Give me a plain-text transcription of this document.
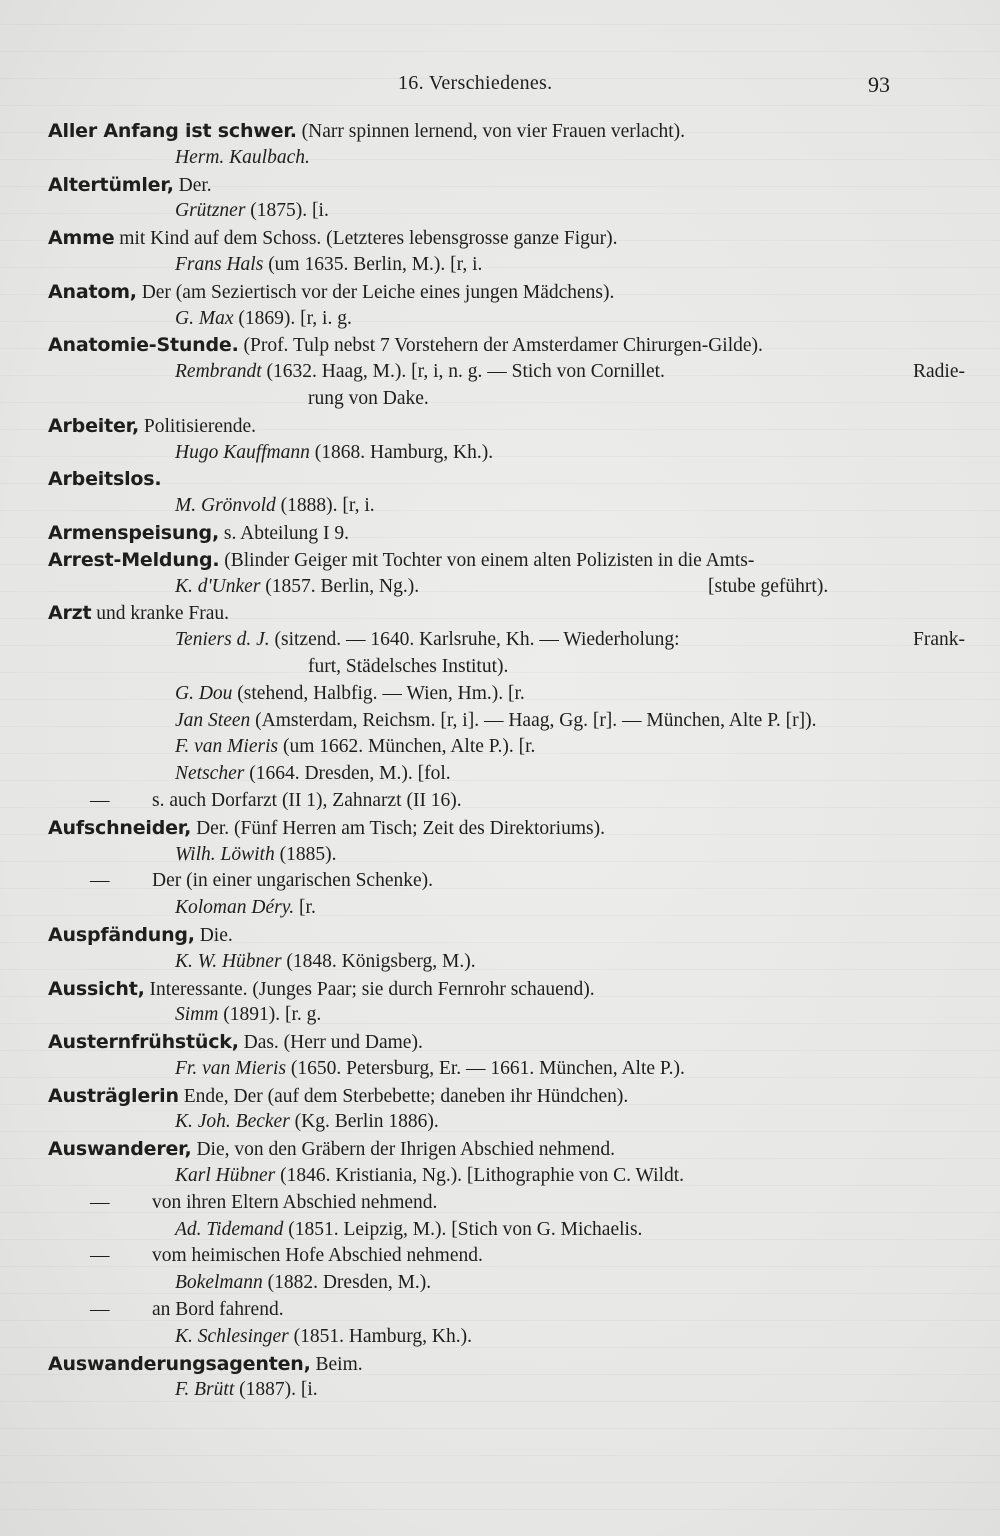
16. Verschiedenes.	93
Aller Anfang ist schwer. (Narr spinnen lernend, von vier Frauen verlacht).
Herm. Kaulbach.
Altertümler, Der.
Grützner (1875). [i.
Amme mit Kind auf dem Schoss. (Letzteres lebensgrosse ganze Figur).
Frans Hals (um 1635. Berlin, M.). [r, i.
Anatom, Der (am Seziertisch vor der Leiche eines jungen Mädchens).
G. Max (1869). [r, i. g.
Anatomie-Stunde. (Prof. Tulp nebst 7 Vorstehern der Amsterdamer Chirurgen-Gilde).
Rembrandt (1632. Haag, M.). [r, i, n. g. — Stich von Cornillet.	Radie-
rung von Dake.
Arbeiter, Politisierende.
Hugo Kauffmann (1868. Hamburg, Kh.).
Arbeitslos.
M. Grönvold (1888). [r, i.
Armenspeisung, s. Abteilung I 9.
Arrest-Meldung. (Blinder Geiger mit Tochter von einem alten Polizisten in die Amts-
K. d'Unker (1857. Berlin, Ng.).	[stube geführt).
Arzt und kranke Frau.
Teniers d. J. (sitzend. — 1640. Karlsruhe, Kh. — Wiederholung:	Frank-
furt, Städelsches Institut).
G. Dou (stehend, Halbfig. — Wien, Hm.). [r.
Jan Steen (Amsterdam, Reichsm. [r, i]. — Haag, Gg. [r]. — München, Alte P. [r]).
F. van Mieris (um 1662. München, Alte P.). [r.
Netscher (1664. Dresden, M.). [fol.
— s. auch Dorfarzt (II 1), Zahnarzt (II 16).
Aufschneider, Der. (Fünf Herren am Tisch; Zeit des Direktoriums).
Wilh. Löwith (1885).
— Der (in einer ungarischen Schenke).
Koloman Déry. [r.
Auspfändung, Die.
K. W. Hübner (1848. Königsberg, M.).
Aussicht, Interessante. (Junges Paar; sie durch Fernrohr schauend).
Simm (1891). [r. g.
Austernfrühstück, Das. (Herr und Dame).
Fr. van Mieris (1650. Petersburg, Er. — 1661. München, Alte P.).
Austräglerin Ende, Der (auf dem Sterbebette; daneben ihr Hündchen).
K. Joh. Becker (Kg. Berlin 1886).
Auswanderer, Die, von den Gräbern der Ihrigen Abschied nehmend.
Karl Hübner (1846. Kristiania, Ng.). [Lithographie von C. Wildt.
— von ihren Eltern Abschied nehmend.
Ad. Tidemand (1851. Leipzig, M.). [Stich von G. Michaelis.
— vom heimischen Hofe Abschied nehmend.
Bokelmann (1882. Dresden, M.).
— an Bord fahrend.
K. Schlesinger (1851. Hamburg, Kh.).
Auswanderungsagenten, Beim.
F. Brütt (1887). [i.
